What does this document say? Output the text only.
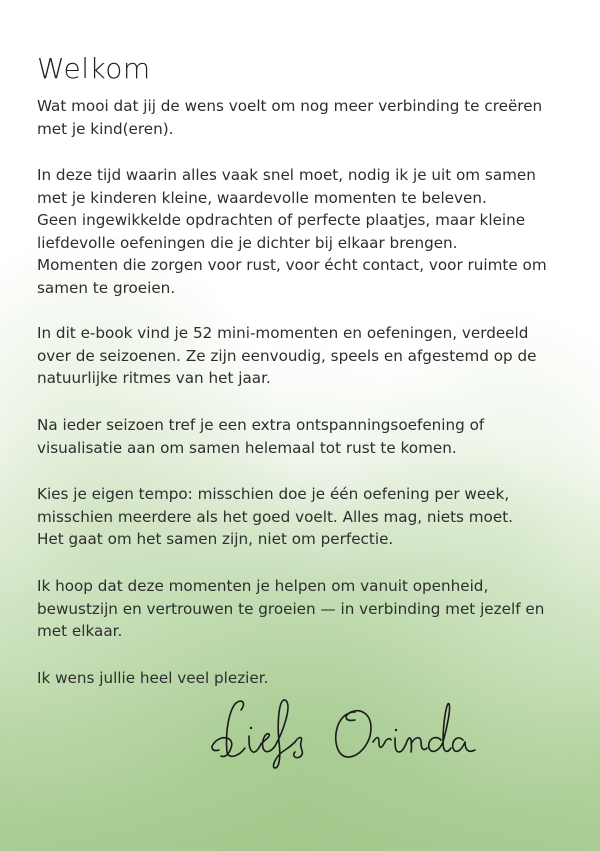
Welkom

Wat mooi dat jij de wens voelt om nog meer verbinding te creëren
met je kind(eren).

In deze tijd waarin alles vaak snel moet, nodig ik je uit om samen
met je kinderen kleine, waardevolle momenten te beleven.
Geen ingewikkelde opdrachten of perfecte plaatjes, maar kleine
liefdevolle oefeningen die je dichter bij elkaar brengen.
Momenten die zorgen voor rust, voor écht contact, voor ruimte om
samen te groeien.

In dit e-book vind je 52 mini-momenten en oefeningen, verdeeld
over de seizoenen. Ze zijn eenvoudig, speels en afgestemd op de
natuurlijke ritmes van het jaar.

Na ieder seizoen tref je een extra ontspanningsoefening of
visualisatie aan om samen helemaal tot rust te komen.

Kies je eigen tempo: misschien doe je één oefening per week,
misschien meerdere als het goed voelt. Alles mag, niets moet.
Het gaat om het samen zijn, niet om perfectie.

Ik hoop dat deze momenten je helpen om vanuit openheid,
bewustzijn en vertrouwen te groeien — in verbinding met jezelf en
met elkaar.

Ik wens jullie heel veel plezier.
